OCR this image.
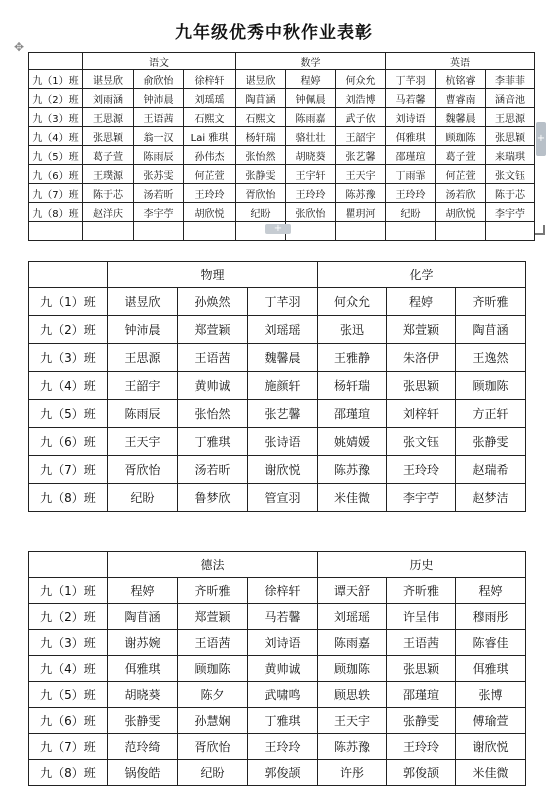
九年级优秀中秋作业表彰
✥
	语文			数学			英语		
九（1）班	谌昱欣	俞欣怡	徐梓轩	谌昱欣	程婷	何众允	丁芊羽	杭铭睿	李菲菲
九（2）班	刘雨涵	钟沛晨	刘瑶瑶	陶苜涵	钟佩晨	刘浩博	马若馨	曹睿南	涵音池
九（3）班	王思源	王语茜	石熙文	石熙文	陈雨嘉	武子依	刘诗语	魏馨晨	王思源
九（4）班	张思颖	翁一汉	Lai 雅琪	杨轩瑞	骆壮壮	王韶宇	佴雅琪	顾珈陈	张思颖
九（5）班	葛子萱	陈雨辰	孙伟杰	张怡然	胡晓葵	张艺馨	邵瑾瑄	葛子萱	来瑞琪
九（6）班	王璞源	张苏雯	何芷萱	张静雯	王宇轩	王天宇	丁雨霏	何芷萱	张文钰
九（7）班	陈于芯	汤若昕	王玲玲	胥欣怡	王玲玲	陈苏豫	王玲玲	汤若欣	陈于芯
九（8）班	赵洋庆	李宇苧	胡欣悦	纪盼	张欣怡	瞿玥河	纪盼	胡欣悦	李宇苧

+
+
	物理			化学		
九（1）班	谌昱欣	孙焕然	丁芊羽	何众允	程婷	齐昕雅
九（2）班	钟沛晨	郑萱颖	刘瑶瑶	张迅	郑萱颖	陶苜涵
九（3）班	王思源	王语茜	魏馨晨	王雅静	朱洛伊	王逸然
九（4）班	王韶宇	黄帅诚	施颜轩	杨轩瑞	张思颖	顾珈陈
九（5）班	陈雨辰	张怡然	张艺馨	邵瑾瑄	刘梓轩	方正轩
九（6）班	王天宇	丁雅琪	张诗语	姚婧媛	张文钰	张静雯
九（7）班	胥欣怡	汤若昕	谢欣悦	陈苏豫	王玲玲	赵瑞希
九（8）班	纪盼	鲁梦欣	管宣羽	米佳微	李宇苧	赵梦洁
	德法			历史		
九（1）班	程婷	齐昕雅	徐梓轩	谭天舒	齐昕雅	程婷
九（2）班	陶苜涵	郑萱颖	马若馨	刘瑶瑶	许呈伟	穆雨彤
九（3）班	谢苏婉	王语茜	刘诗语	陈雨嘉	王语茜	陈睿佳
九（4）班	佴雅琪	顾珈陈	黄帅诚	顾珈陈	张思颖	佴雅琪
九（5）班	胡晓葵	陈夕	武啸鸣	顾思轶	邵瑾瑄	张博
九（6）班	张静雯	孙慧娴	丁雅琪	王天宇	张静雯	傅瑜萱
九（7）班	范玲绮	胥欣怡	王玲玲	陈苏豫	王玲玲	谢欣悦
九（8）班	锅俊皓	纪盼	郭俊颉	许彤	郭俊颉	米佳微
